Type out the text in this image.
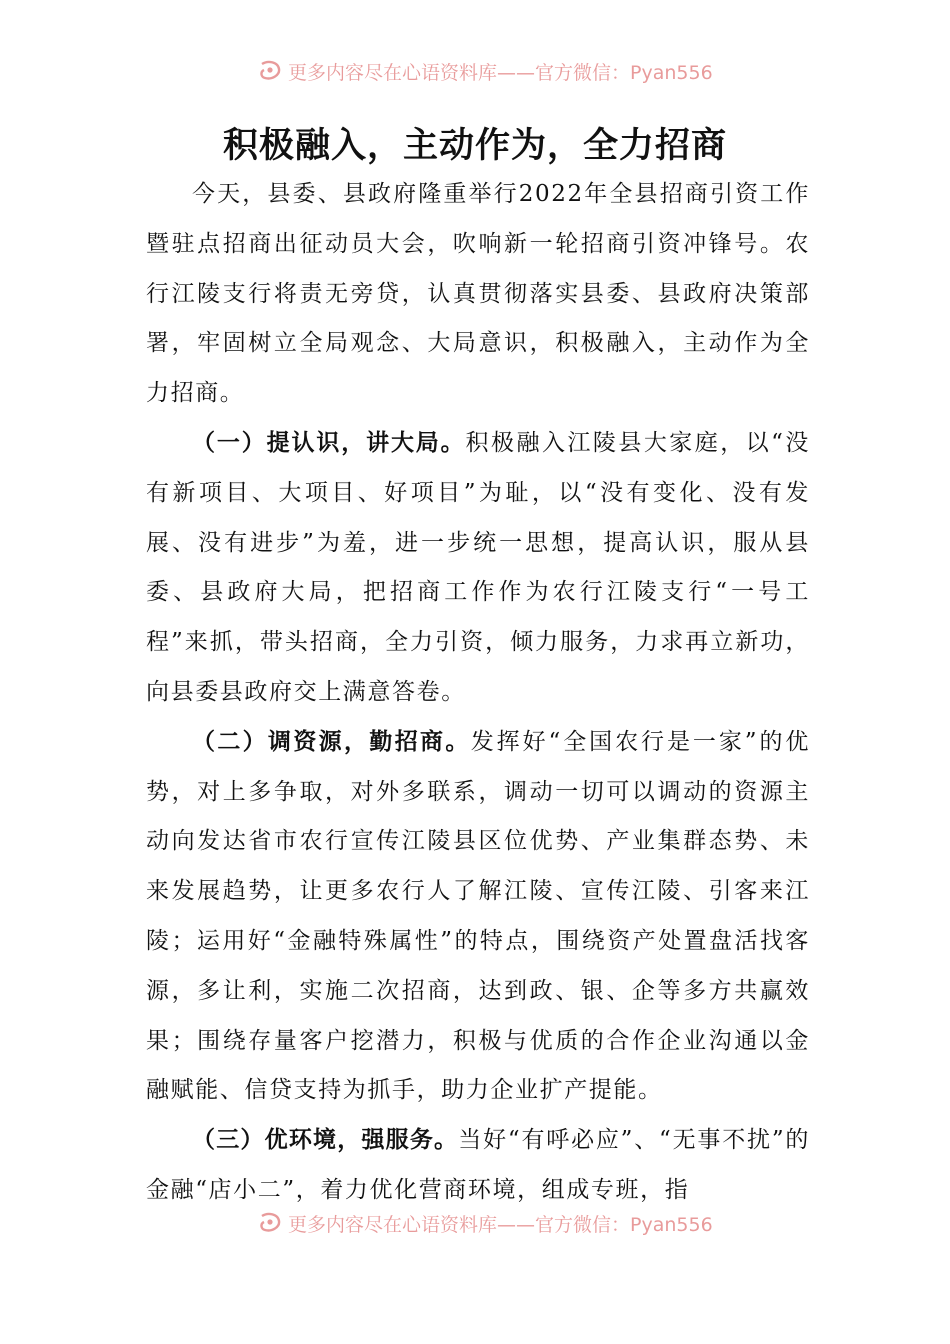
更多内容尽在心语资料库——官方微信：Pyan556
积极融入，主动作为，全力招商

今天，县委、县政府隆重举行2022年全县招商引资工作暨驻点招商出征动员大会，吹响新一轮招商引资冲锋号。农行江陵支行将责无旁贷，认真贯彻落实县委、县政府决策部署，牢固树立全局观念、大局意识，积极融入，主动作为全力招商。

（一）提认识，讲大局。积极融入江陵县大家庭，以“没有新项目、大项目、好项目”为耻，以“没有变化、没有发展、没有进步”为羞，进一步统一思想，提高认识，服从县委、县政府大局，把招商工作作为农行江陵支行“一号工程”来抓，带头招商，全力引资，倾力服务，力求再立新功，向县委县政府交上满意答卷。

（二）调资源，勤招商。发挥好“全国农行是一家”的优势，对上多争取，对外多联系，调动一切可以调动的资源主动向发达省市农行宣传江陵县区位优势、产业集群态势、未来发展趋势，让更多农行人了解江陵、宣传江陵、引客来江陵；运用好“金融特殊属性”的特点，围绕资产处置盘活找客源，多让利，实施二次招商，达到政、银、企等多方共赢效果；围绕存量客户挖潜力，积极与优质的合作企业沟通以金融赋能、信贷支持为抓手，助力企业扩产提能。

（三）优环境，强服务。当好“有呼必应”、“无事不扰”的金融“店小二”，着力优化营商环境，组成专班，指

更多内容尽在心语资料库——官方微信：Pyan556
